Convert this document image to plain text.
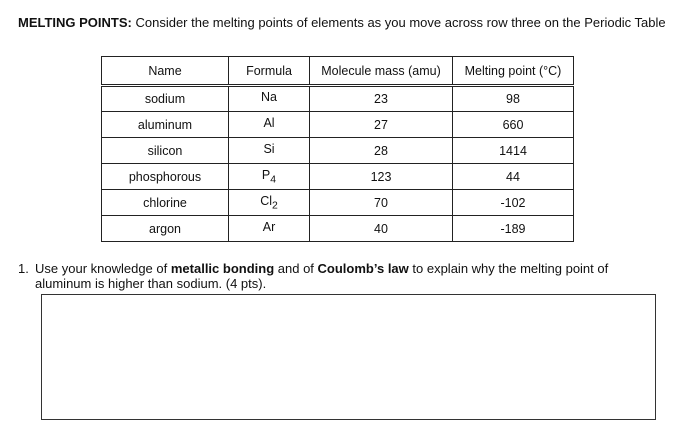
MELTING POINTS: Consider the melting points of elements as you move across row three on the Periodic Table
Name	Formula	Molecule mass (amu)	Melting point (°C)
sodium	Na	23	98
aluminum	Al	27	660
silicon	Si	28	1414
phosphorous	$P_4$	123	44
chlorine	$Cl_2$	70	-102
argon	Ar	40	-189
1. Use your knowledge of metallic bonding and of Coulomb’s law to explain why the melting point of aluminum is higher than sodium. (4 pts).
